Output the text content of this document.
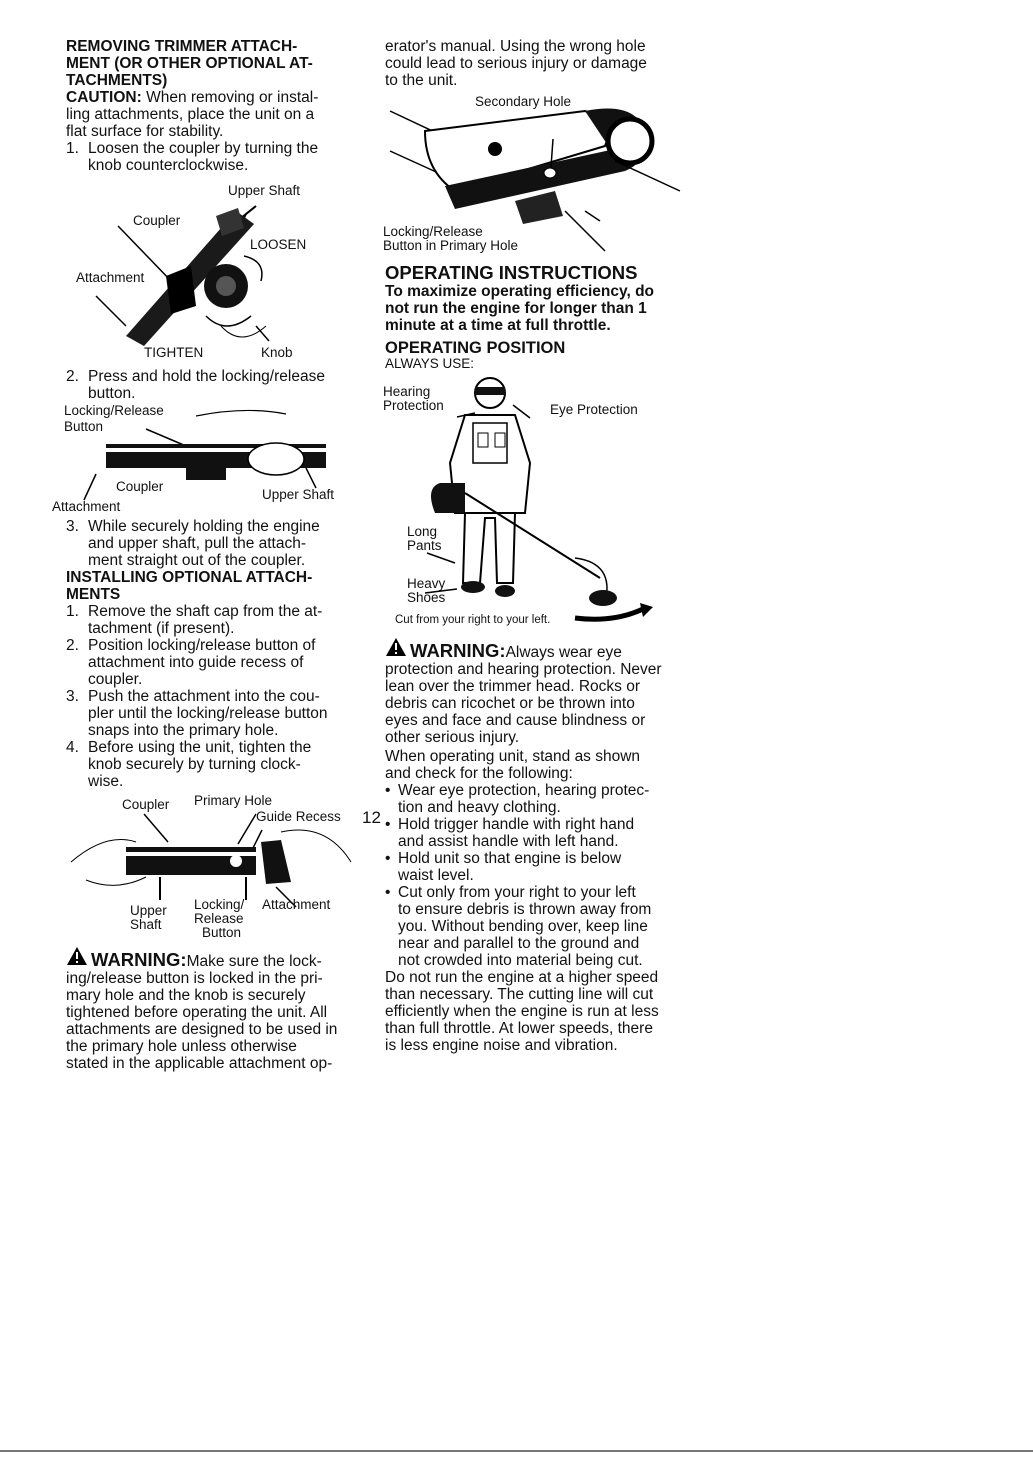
REMOVING TRIMMER ATTACH-

MENT (OR OTHER OPTIONAL AT-

TACHMENTS)

CAUTION: When removing or instal-

ling attachments, place the unit on a

flat surface for stability.

1. Loosen the coupler by turning the
knob counterclockwise.
Upper Shaft
Coupler
LOOSEN
Attachment
TIGHTEN	Knob
2. Press and hold the locking/release
button.
Locking/Release
Button
Coupler
Upper Shaft
Attachment
3. While securely holding the engine
and upper shaft, pull the attach-
ment straight out of the coupler.

INSTALLING OPTIONAL ATTACH-

MENTS

1. Remove the shaft cap from the at-
tachment (if present).
2. Position locking/release button of
attachment into guide recess of
coupler.
3. Push the attachment into the cou-
pler until the locking/release button
snaps into the primary hole.
4. Before using the unit, tighten the
knob securely by turning clock-
wise.
Coupler Primary Hole
Guide Recess
Upper
Shaft
Locking/
Release
Button
Attachment
WARNING: Make sure the lock-

ing/release button is locked in the pri-

mary hole and the knob is securely

tightened before operating the unit. All

attachments are designed to be used in

the primary hole unless otherwise

stated in the applicable attachment op-

erator's manual. Using the wrong hole

could lead to serious injury or damage

to the unit.

Secondary Hole
Locking/Release
Button in Primary Hole

OPERATING INSTRUCTIONS

To maximize operating efficiency, do

not run the engine for longer than 1

minute at a time at full throttle.

OPERATING POSITION

ALWAYS USE:

Hearing
Protection	Eye Protection
Long
Pants
Heavy
Shoes
Cut from your right to your left.
WARNING: Always wear eye

protection and hearing protection. Never

lean over the trimmer head. Rocks or

debris can ricochet or be thrown into

eyes and face and cause blindness or

other serious injury.

When operating unit, stand as shown

and check for the following:

• Wear eye protection, hearing protec-
tion and heavy clothing.
• Hold trigger handle with right hand
and assist handle with left hand.
• Hold unit so that engine is below
waist level.
• Cut only from your right to your left
to ensure debris is thrown away from
you. Without bending over, keep line
near and parallel to the ground and
not crowded into material being cut.

Do not run the engine at a higher speed

than necessary. The cutting line will cut

efficiently when the engine is run at less

than full throttle. At lower speeds, there

is less engine noise and vibration.

12
